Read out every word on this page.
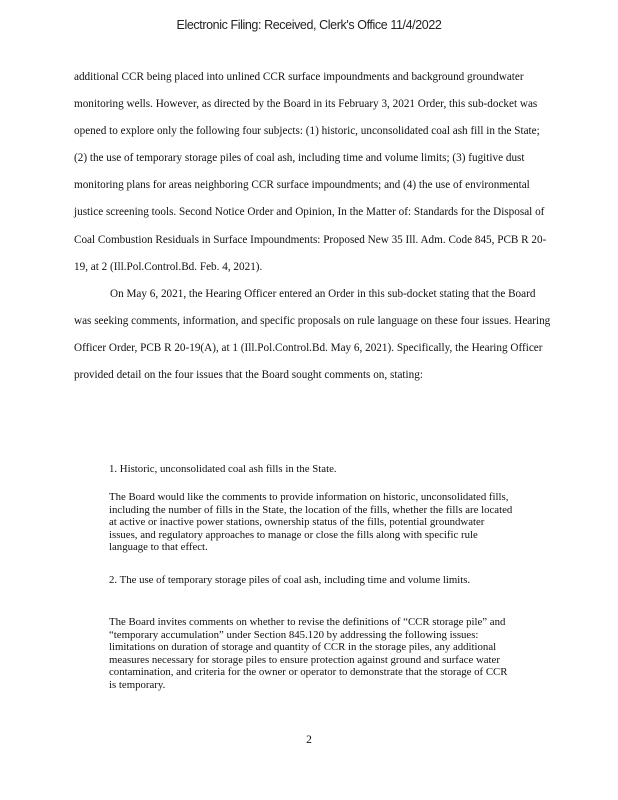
Electronic Filing: Received, Clerk's Office 11/4/2022

additional CCR being placed into unlined CCR surface impoundments and background groundwater monitoring wells. However, as directed by the Board in its February 3, 2021 Order, this sub-docket was opened to explore only the following four subjects: (1) historic, unconsolidated coal ash fill in the State; (2) the use of temporary storage piles of coal ash, including time and volume limits; (3) fugitive dust monitoring plans for areas neighboring CCR surface impoundments; and (4) the use of environmental justice screening tools. Second Notice Order and Opinion, In the Matter of: Standards for the Disposal of Coal Combustion Residuals in Surface Impoundments: Proposed New 35 Ill. Adm. Code 845, PCB R 20-19, at 2 (Ill.Pol.Control.Bd. Feb. 4, 2021).

On May 6, 2021, the Hearing Officer entered an Order in this sub-docket stating that the Board was seeking comments, information, and specific proposals on rule language on these four issues. Hearing Officer Order, PCB R 20-19(A), at 1 (Ill.Pol.Control.Bd. May 6, 2021). Specifically, the Hearing Officer provided detail on the four issues that the Board sought comments on, stating:

1. Historic, unconsolidated coal ash fills in the State.

The Board would like the comments to provide information on historic, unconsolidated fills, including the number of fills in the State, the location of the fills, whether the fills are located at active or inactive power stations, ownership status of the fills, potential groundwater issues, and regulatory approaches to manage or close the fills along with specific rule language to that effect.

2. The use of temporary storage piles of coal ash, including time and volume limits.

The Board invites comments on whether to revise the definitions of “CCR storage pile” and “temporary accumulation” under Section 845.120 by addressing the following issues: limitations on duration of storage and quantity of CCR in the storage piles, any additional measures necessary for storage piles to ensure protection against ground and surface water contamination, and criteria for the owner or operator to demonstrate that the storage of CCR is temporary.

2
